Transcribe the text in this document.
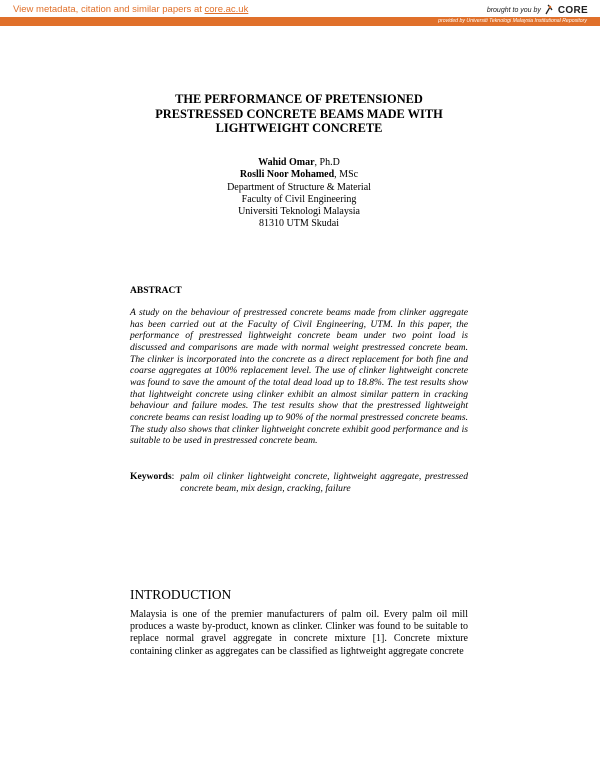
View metadata, citation and similar papers at core.ac.uk	brought to you by CORE
provided by Universiti Teknologi Malaysia Institutional Repository
THE PERFORMANCE OF PRETENSIONED
PRESTRESSED CONCRETE BEAMS MADE WITH
LIGHTWEIGHT CONCRETE

Wahid Omar, Ph.D

Roslli Noor Mohamed, MSc

Department of Structure & Material

Faculty of Civil Engineering

Universiti Teknologi Malaysia

81310 UTM Skudai

ABSTRACT

A study on the behaviour of prestressed concrete beams made from clinker aggregate has been carried out at the Faculty of Civil Engineering, UTM. In this paper, the performance of prestressed lightweight concrete beam under two point load is discussed and comparisons are made with normal weight prestressed concrete beam. The clinker is incorporated into the concrete as a direct replacement for both fine and coarse aggregates at 100% replacement level. The use of clinker lightweight concrete was found to save the amount of the total dead load up to 18.8%. The test results show that lightweight concrete using clinker exhibit an almost similar pattern in cracking behaviour and failure modes. The test results show that the prestressed lightweight concrete beams can resist loading up to 90% of the normal prestressed concrete beams. The study also shows that clinker lightweight concrete exhibit good performance and is suitable to be used in prestressed concrete beam.

Keywords : palm oil clinker lightweight concrete, lightweight aggregate, prestressed concrete beam, mix design, cracking, failure
INTRODUCTION

Malaysia is one of the premier manufacturers of palm oil. Every palm oil mill produces a waste by-product, known as clinker. Clinker was found to be suitable to replace normal gravel aggregate in concrete mixture [1]. Concrete mixture containing clinker as aggregates can be classified as lightweight aggregate concrete
